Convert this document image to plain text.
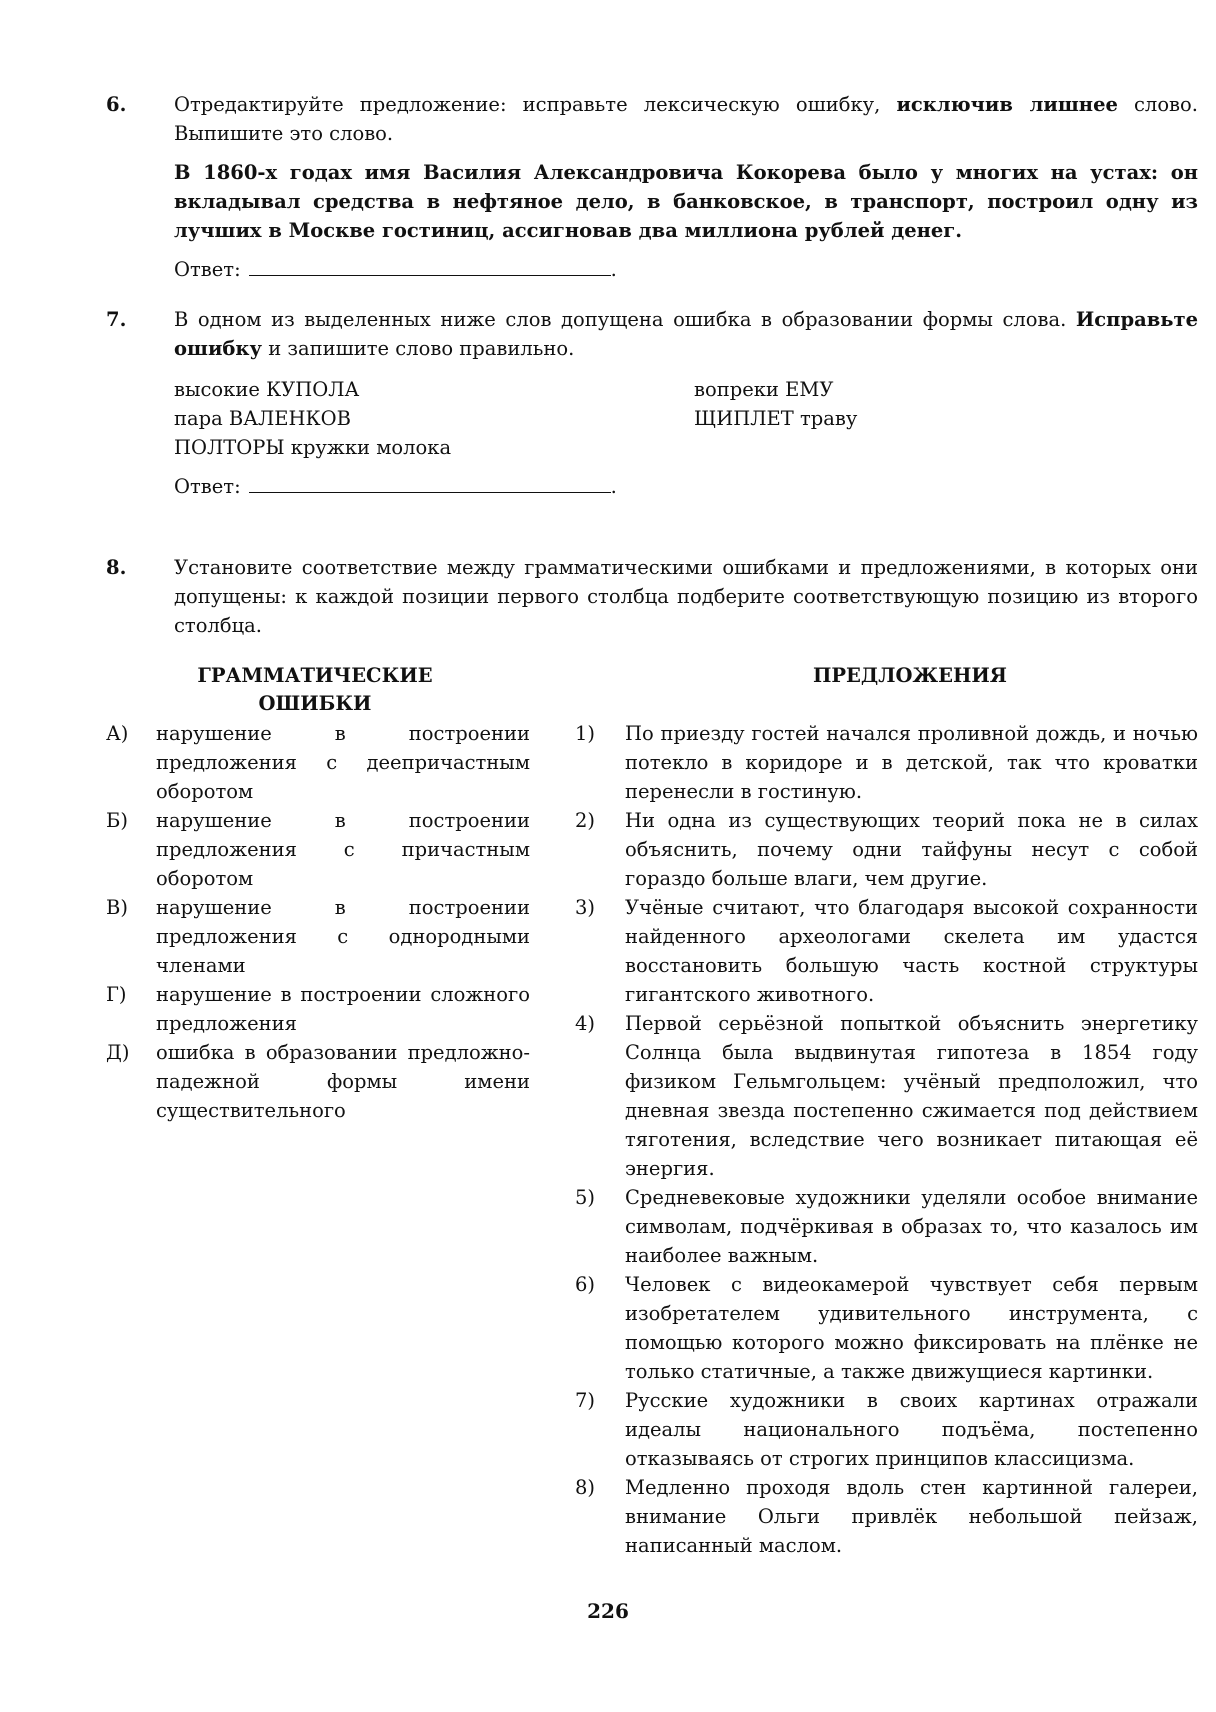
6. Отредактируйте предложение: исправьте лексическую ошибку, исключив лишнее слово. Выпишите это слово.
В 1860-х годах имя Василия Александровича Кокорева было у многих на устах: он вкладывал средства в нефтяное дело, в банковское, в транспорт, построил одну из лучших в Москве гостиниц, ассигновав два миллиона рублей денег.
Ответ:	.
7. В одном из выделенных ниже слов допущена ошибка в образовании формы слова. Исправьте ошибку и запишите слово правильно.
высокие КУПОЛА
пара ВАЛЕНКОВ
ПОЛТОРЫ кружки молока
вопреки ЕМУ
ЩИПЛЕТ траву
Ответ:	.
8. Установите соответствие между грамматическими ошибками и предложениями, в которых они допущены: к каждой позиции первого столбца подберите соответствующую позицию из второго столбца.
ГРАММАТИЧЕСКИЕ ОШИБКИ
ПРЕДЛОЖЕНИЯ
А)	нарушение в построении предложения с деепричастным оборотом
Б)	нарушение в построении предложения с причастным оборотом
В)	нарушение в построении предложения с однородными членами
Г)	нарушение в построении сложного предложения
Д)	ошибка в образовании предложно-падежной формы имени существительного
1)	По приезду гостей начался проливной дождь, и ночью потекло в коридоре и в детской, так что кроватки перенесли в гостиную.
2)	Ни одна из существующих теорий пока не в силах объяснить, почему одни тайфуны несут с собой гораздо больше влаги, чем другие.
3)	Учёные считают, что благодаря высокой сохранности найденного археологами скелета им удастся восстановить большую часть костной структуры гигантского животного.
4)	Первой серьёзной попыткой объяснить энергетику Солнца была выдвинутая гипотеза в 1854 году физиком Гельмгольцем: учёный предположил, что дневная звезда постепенно сжимается под действием тяготения, вследствие чего возникает питающая её энергия.
5)	Средневековые художники уделяли особое внимание символам, подчёркивая в образах то, что казалось им наиболее важным.
6)	Человек с видеокамерой чувствует себя первым изобретателем удивительного инструмента, с помощью которого можно фиксировать на плёнке не только статичные, а также движущиеся картинки.
7)	Русские художники в своих картинах отражали идеалы национального подъёма, постепенно отказываясь от строгих принципов классицизма.
8)	Медленно проходя вдоль стен картинной галереи, внимание Ольги привлёк небольшой пейзаж, написанный маслом.
226
